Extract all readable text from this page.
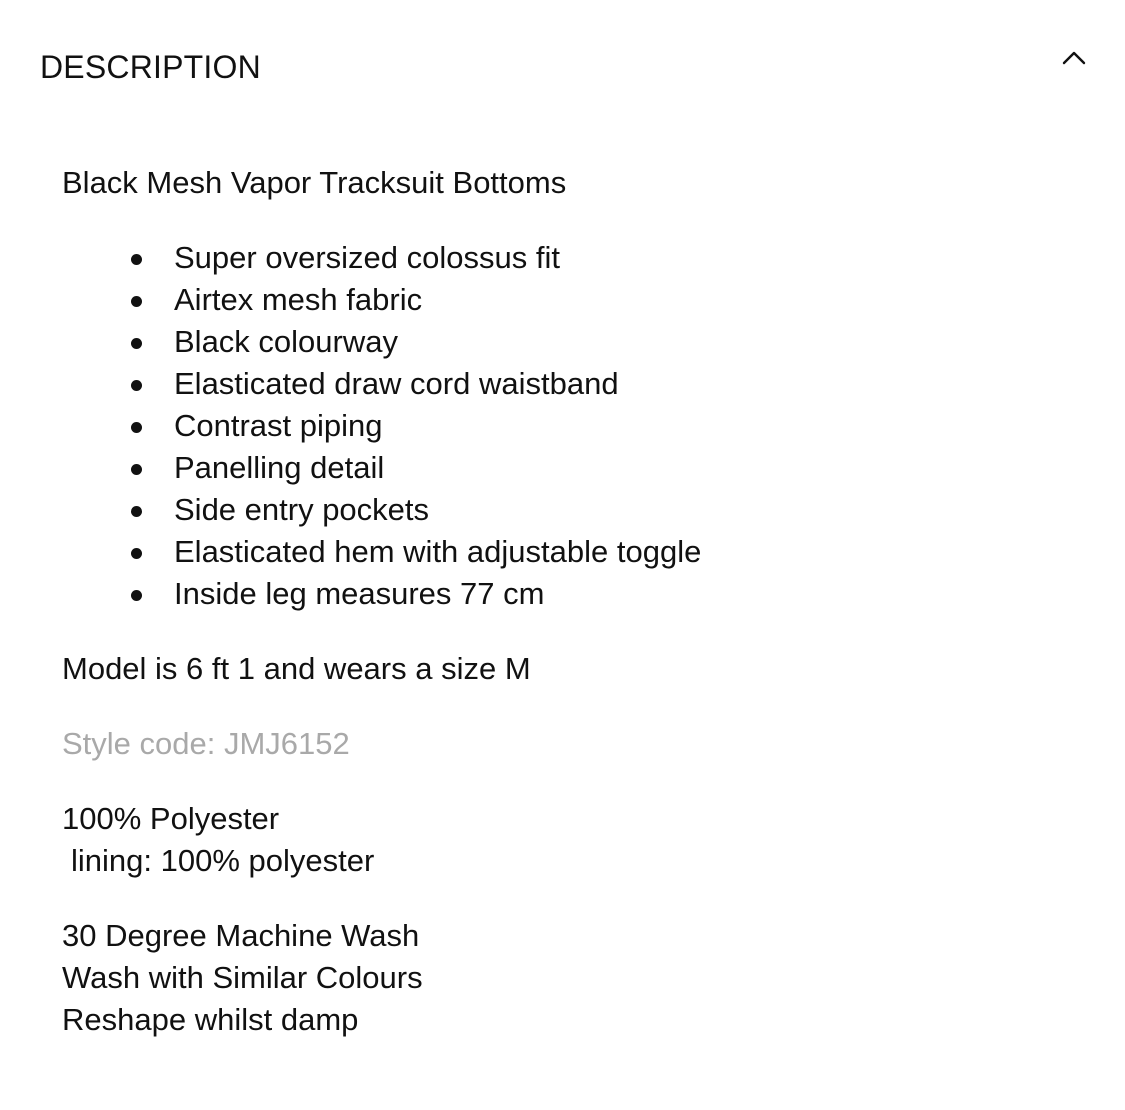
DESCRIPTION

Black Mesh Vapor Tracksuit Bottoms

Super oversized colossus fit
Airtex mesh fabric
Black colourway
Elasticated draw cord waistband
Contrast piping
Panelling detail
Side entry pockets
Elasticated hem with adjustable toggle
Inside leg measures 77 cm

Model is 6 ft 1 and wears a size M

Style code: JMJ6152

100% Polyester
lining: 100% polyester
30 Degree Machine Wash
Wash with Similar Colours
Reshape whilst damp
